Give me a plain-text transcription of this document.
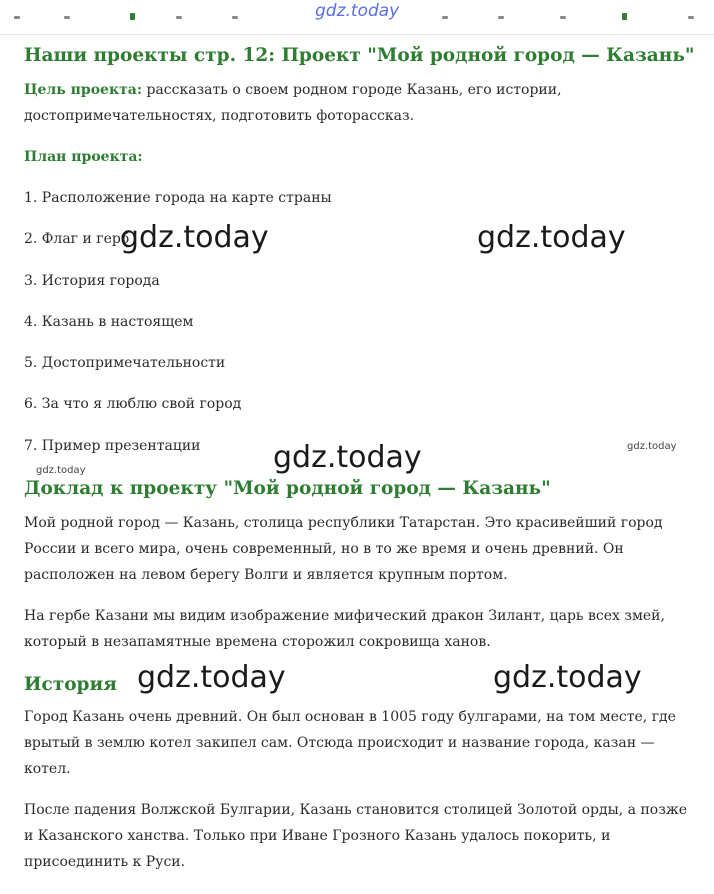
gdz.today
Наши проекты стр. 12: Проект "Мой родной город — Казань"

Цель проекта: рассказать о своем родном городе Казань, его истории, достопримечательностях, подготовить фоторассказ.

План проекта:
1. Расположение города на карте страны
2. Флаг и герб
3. История города
4. Казань в настоящем
5. Достопримечательности
6. За что я люблю свой город
7. Пример презентации
Доклад к проекту "Мой родной город — Казань"

Мой родной город — Казань, столица республики Татарстан. Это красивейший город России и всего мира, очень современный, но в то же время и очень древний. Он расположен на левом берегу Волги и является крупным портом.

На гербе Казани мы видим изображение мифический дракон Зилант, царь всех змей, который в незапамятные времена сторожил сокровища ханов.

История

Город Казань очень древний. Он был основан в 1005 году булгарами, на том месте, где врытый в землю котел закипел сам. Отсюда происходит и название города, казан — котел.

После падения Волжской Булгарии, Казань становится столицей Золотой орды, а позже и Казанского ханства. Только при Иване Грозного Казань удалось покорить, и присоединить к Руси.

gdz.today	gdz.today
gdz.today	gdz.today
gdz.today
gdz.today	gdz.today
